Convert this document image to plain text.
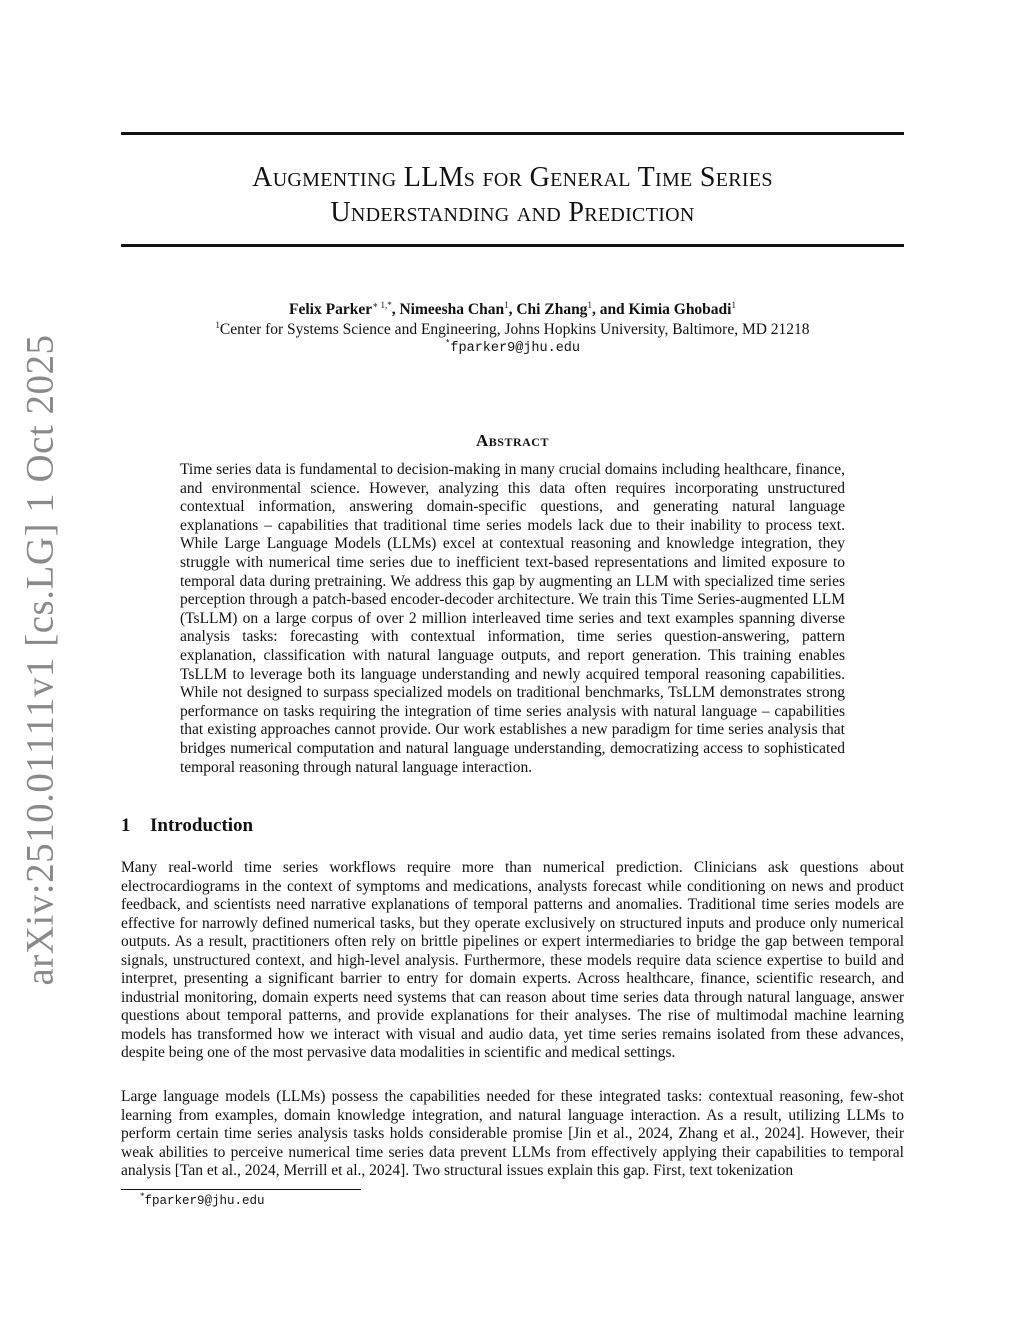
arXiv:2510.01111v1 [cs.LG] 1 Oct 2025
Augmenting LLMs for General Time Series
Understanding and Prediction
Felix Parker$^{∗ 1,*}$, Nimeesha Chan$^1$, Chi Zhang$^1$, and Kimia Ghobadi$^1$
$^1$Center for Systems Science and Engineering, Johns Hopkins University, Baltimore, MD 21218
*fparker9@jhu.edu
Abstract

Time series data is fundamental to decision-making in many crucial domains including healthcare, finance, and environmental science. However, analyzing this data often requires incorporating unstructured contextual information, answering domain-specific questions, and generating natural language explanations – capabilities that traditional time series models lack due to their inability to process text. While Large Language Models (LLMs) excel at contextual reasoning and knowledge integration, they struggle with numerical time series due to inefficient text-based representations and limited exposure to temporal data during pretraining. We address this gap by augmenting an LLM with specialized time series perception through a patch-based encoder-decoder architecture. We train this Time Series-augmented LLM (TsLLM) on a large corpus of over 2 million interleaved time series and text examples spanning diverse analysis tasks: forecasting with contextual information, time series question-answering, pattern explanation, classification with natural language outputs, and report generation. This training enables TsLLM to leverage both its language understanding and newly acquired temporal reasoning capabilities. While not designed to surpass specialized models on traditional benchmarks, TsLLM demonstrates strong performance on tasks requiring the integration of time series analysis with natural language – capabilities that existing approaches cannot provide. Our work establishes a new paradigm for time series analysis that bridges numerical computation and natural language understanding, democratizing access to sophisticated temporal reasoning through natural language interaction.

1 Introduction

Many real-world time series workflows require more than numerical prediction. Clinicians ask questions about electrocardiograms in the context of symptoms and medications, analysts forecast while conditioning on news and product feedback, and scientists need narrative explanations of temporal patterns and anomalies. Traditional time series models are effective for narrowly defined numerical tasks, but they operate exclusively on structured inputs and produce only numerical outputs. As a result, practitioners often rely on brittle pipelines or expert intermediaries to bridge the gap between temporal signals, unstructured context, and high-level analysis. Furthermore, these models require data science expertise to build and interpret, presenting a significant barrier to entry for domain experts. Across healthcare, finance, scientific research, and industrial monitoring, domain experts need systems that can reason about time series data through natural language, answer questions about temporal patterns, and provide explanations for their analyses. The rise of multimodal machine learning models has transformed how we interact with visual and audio data, yet time series remains isolated from these advances, despite being one of the most pervasive data modalities in scientific and medical settings.

Large language models (LLMs) possess the capabilities needed for these integrated tasks: contextual reasoning, few-shot learning from examples, domain knowledge integration, and natural language interaction. As a result, utilizing LLMs to perform certain time series analysis tasks holds considerable promise [Jin et al., 2024, Zhang et al., 2024]. However, their weak abilities to perceive numerical time series data prevent LLMs from effectively applying their capabilities to temporal analysis [Tan et al., 2024, Merrill et al., 2024]. Two structural issues explain this gap. First, text tokenization

*fparker9@jhu.edu
